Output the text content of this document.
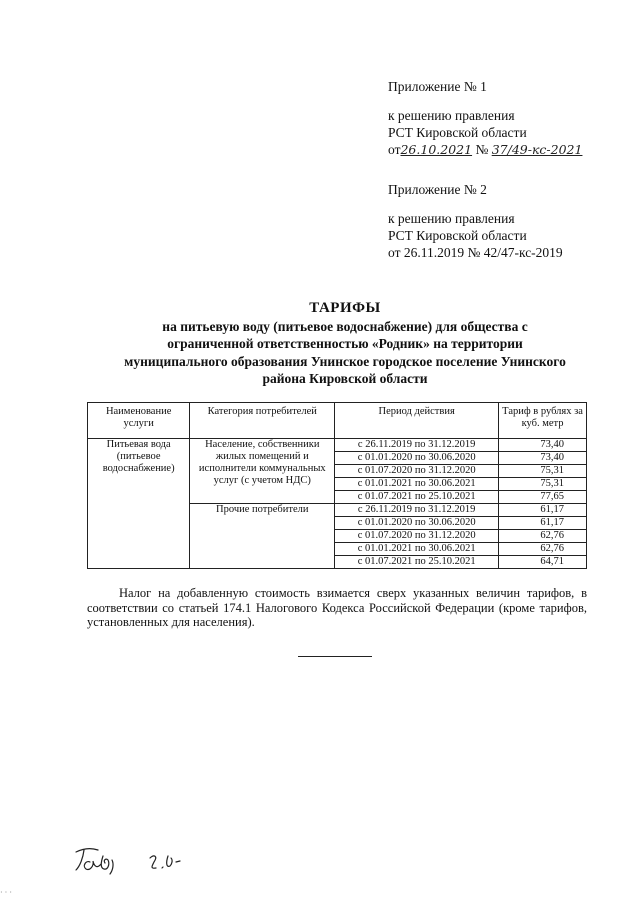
Приложение № 1
к решению правления
РСТ Кировской области
от26.10.2021 № 37/49-кс-2021
Приложение № 2
к решению правления
РСТ Кировской области
от 26.11.2019 № 42/47-кс-2019
ТАРИФЫ
на питьевую воду (питьевое водоснабжение) для общества с
ограниченной ответственностью «Родник» на территории
муниципального образования Унинское городское поселение Унинского
района Кировской области
Наименование услуги	Категория потребителей	Период действия	Тариф в рублях за куб. метр
Питьевая вода (питьевое водоснабжение)	Население, собственники жилых помещений и исполнители коммунальных услуг (с учетом НДС)	с 26.11.2019 по 31.12.2019	73,40
		с 01.01.2020 по 30.06.2020	73,40
		с 01.07.2020 по 31.12.2020	75,31
		с 01.01.2021 по 30.06.2021	75,31
		с 01.07.2021 по 25.10.2021	77,65
	Прочие потребители	с 26.11.2019 по 31.12.2019	61,17
		с 01.01.2020 по 30.06.2020	61,17
		с 01.07.2020 по 31.12.2020	62,76
		с 01.01.2021 по 30.06.2021	62,76
		с 01.07.2021 по 25.10.2021	64,71
Налог на добавленную стоимость взимается сверх указанных величин тарифов, в соответствии со статьей 174.1 Налогового Кодекса Российской Федерации (кроме тарифов, установленных для населения).
· · ·
